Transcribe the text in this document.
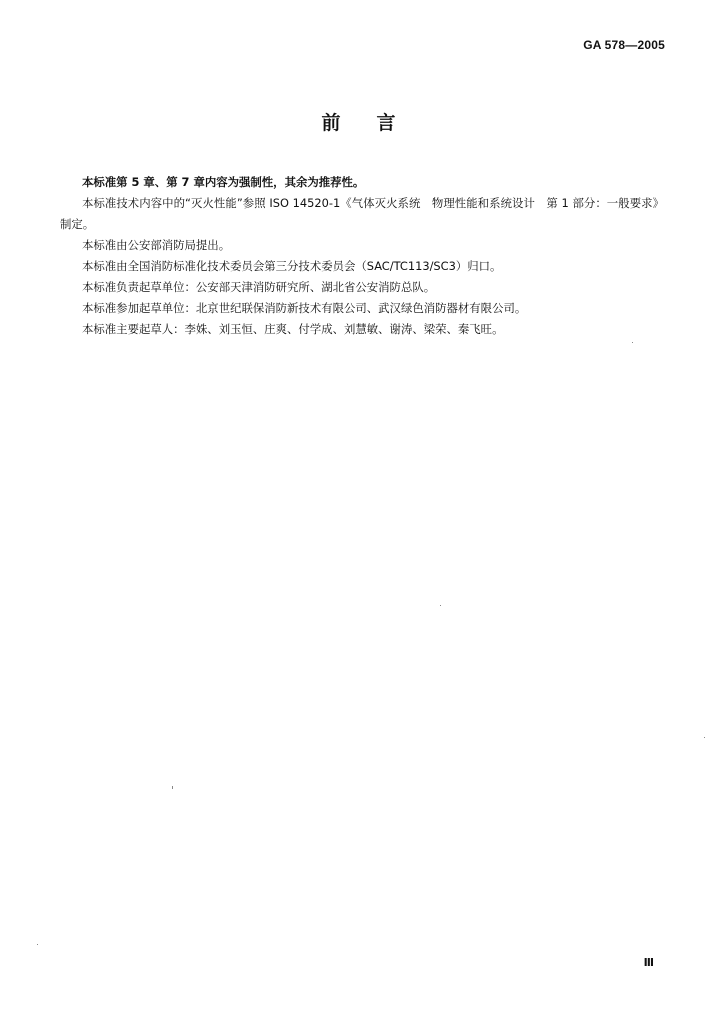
GA 578—2005
前言

本标准第 5 章、第 7 章内容为强制性，其余为推荐性。

本标准技术内容中的“灭火性能”参照 ISO 14520-1《气体灭火系统　物理性能和系统设计　第 1 部分：一般要求》制定。

本标准由公安部消防局提出。

本标准由全国消防标准化技术委员会第三分技术委员会（SAC/TC113/SC3）归口。

本标准负责起草单位：公安部天津消防研究所、湖北省公安消防总队。

本标准参加起草单位：北京世纪联保消防新技术有限公司、武汉绿色消防器材有限公司。

本标准主要起草人：李姝、刘玉恒、庄爽、付学成、刘慧敏、谢涛、梁荣、秦飞旺。

Ⅲ
